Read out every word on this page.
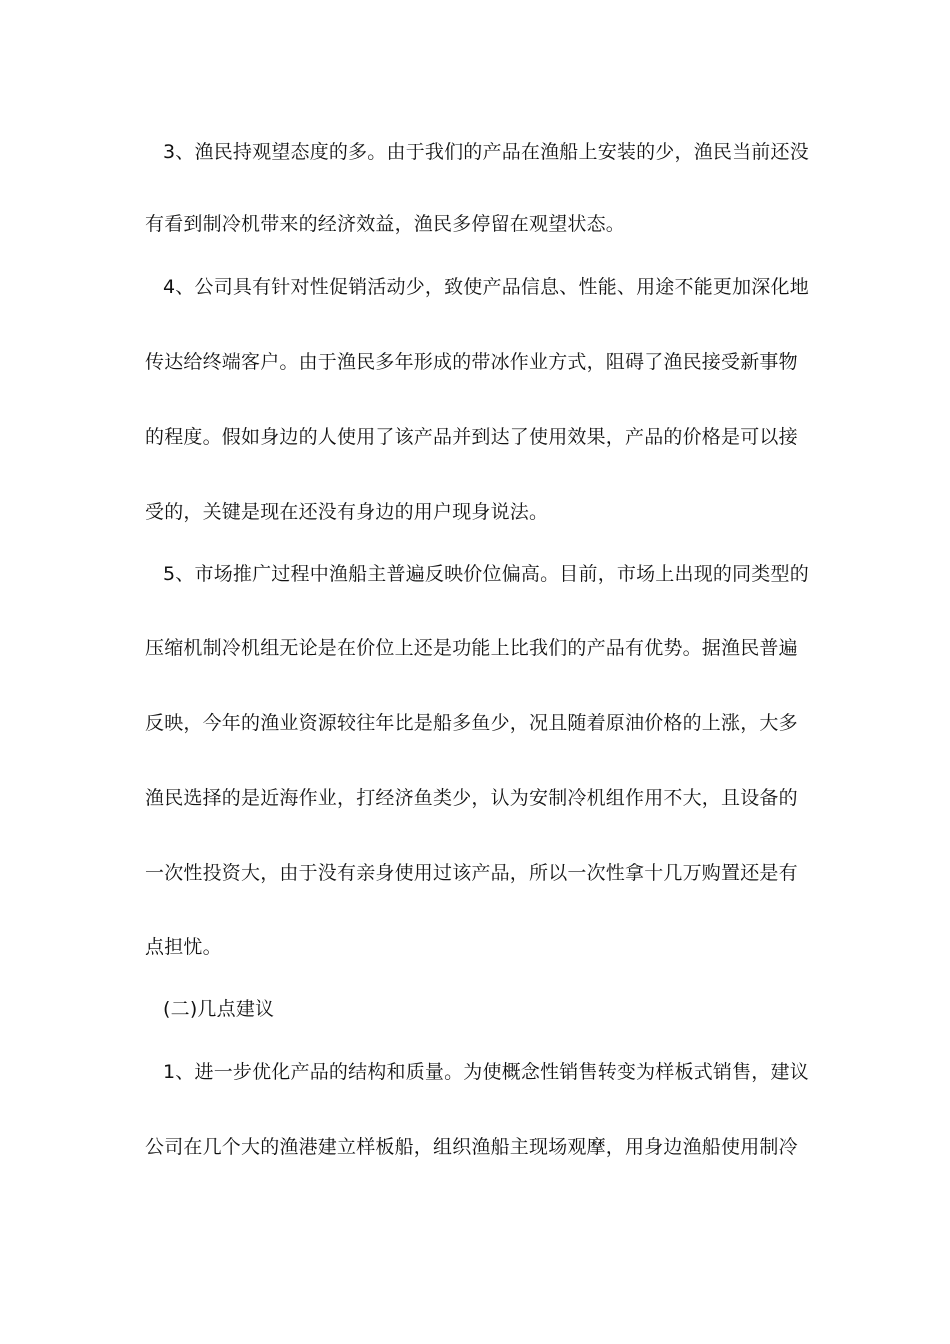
3、渔民持观望态度的多。由于我们的产品在渔船上安装的少，渔民当前还没
有看到制冷机带来的经济效益，渔民多停留在观望状态。
4、公司具有针对性促销活动少，致使产品信息、性能、用途不能更加深化地
传达给终端客户。由于渔民多年形成的带冰作业方式，阻碍了渔民接受新事物
的程度。假如身边的人使用了该产品并到达了使用效果，产品的价格是可以接
受的，关键是现在还没有身边的用户现身说法。
5、市场推广过程中渔船主普遍反映价位偏高。目前，市场上出现的同类型的
压缩机制冷机组无论是在价位上还是功能上比我们的产品有优势。据渔民普遍
反映，今年的渔业资源较往年比是船多鱼少，况且随着原油价格的上涨，大多
渔民选择的是近海作业，打经济鱼类少，认为安制冷机组作用不大，且设备的
一次性投资大，由于没有亲身使用过该产品，所以一次性拿十几万购置还是有
点担忧。
(二)几点建议
1、进一步优化产品的结构和质量。为使概念性销售转变为样板式销售，建议
公司在几个大的渔港建立样板船，组织渔船主现场观摩，用身边渔船使用制冷
